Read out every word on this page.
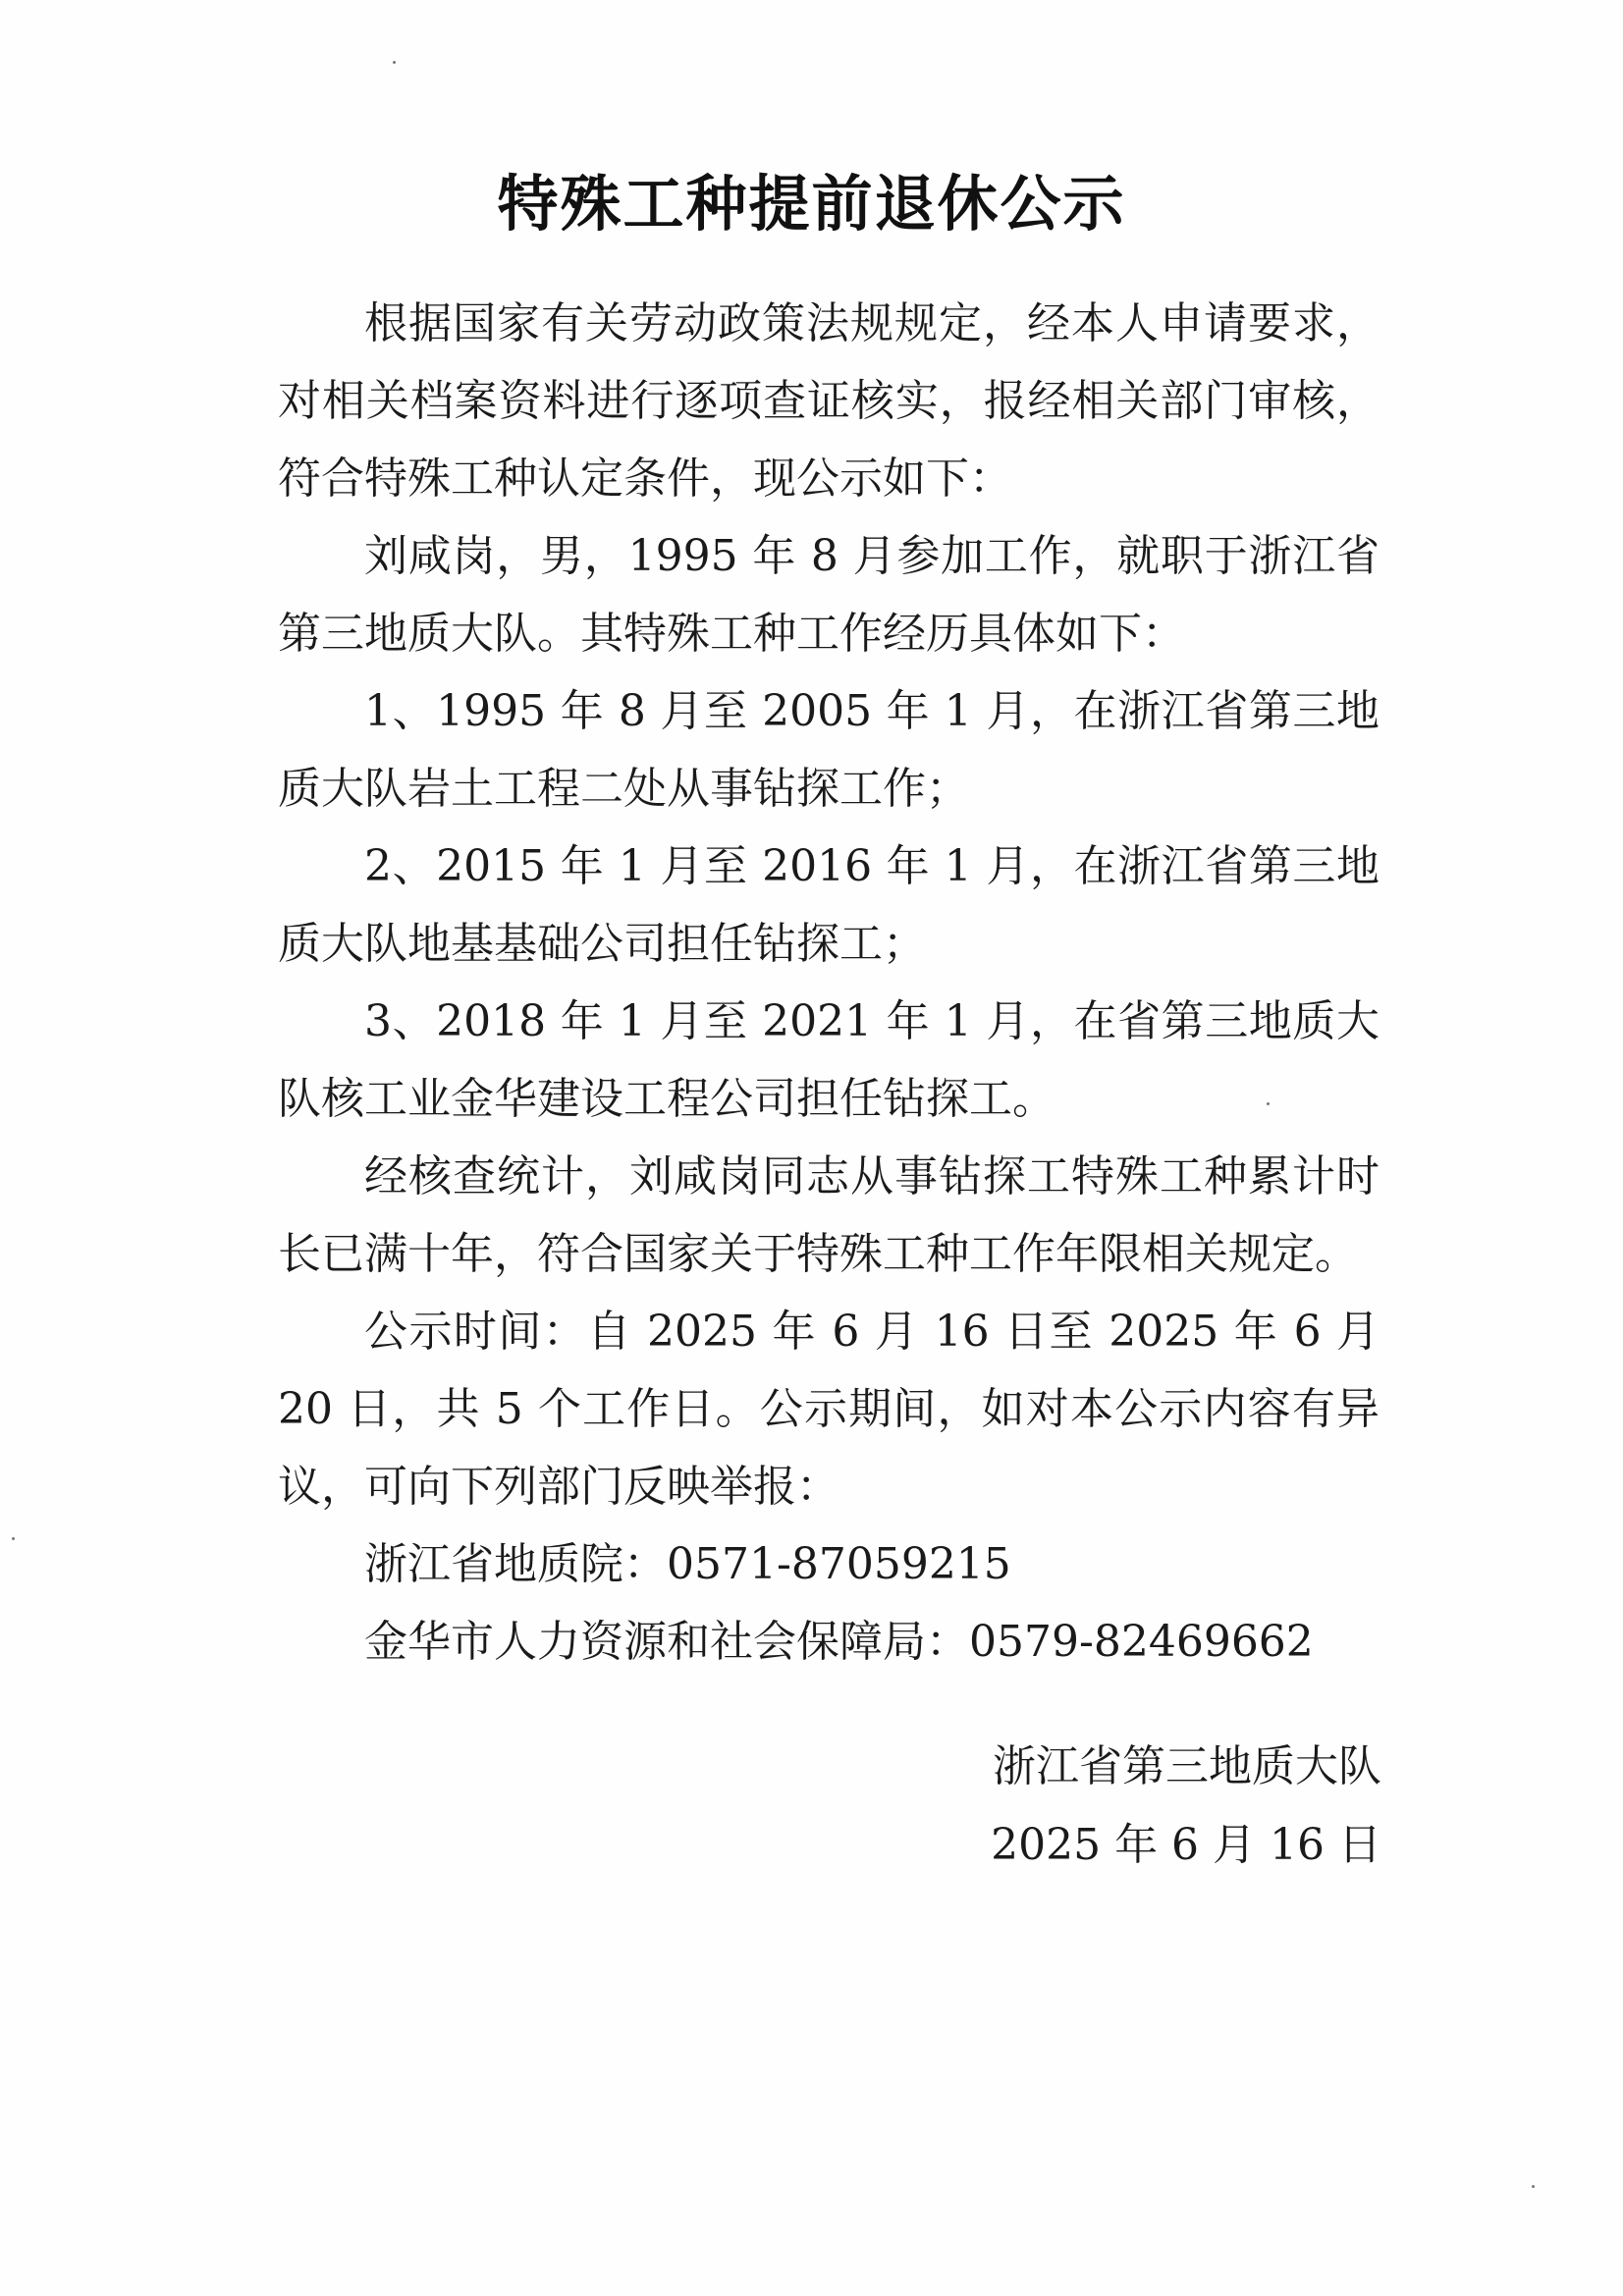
特殊工种提前退休公示

根据国家有关劳动政策法规规定，经本人申请要求，对相关档案资料进行逐项查证核实，报经相关部门审核，符合特殊工种认定条件，现公示如下：

刘咸岗，男，1995 年 8 月参加工作，就职于浙江省第三地质大队。其特殊工种工作经历具体如下：

1、1995 年 8 月至 2005 年 1 月，在浙江省第三地质大队岩土工程二处从事钻探工作；

2、2015 年 1 月至 2016 年 1 月，在浙江省第三地质大队地基基础公司担任钻探工；

3、2018 年 1 月至 2021 年 1 月，在省第三地质大队核工业金华建设工程公司担任钻探工。

经核查统计，刘咸岗同志从事钻探工特殊工种累计时长已满十年，符合国家关于特殊工种工作年限相关规定。

公示时间：自 2025 年 6 月 16 日至 2025 年 6 月 20 日，共 5 个工作日。公示期间，如对本公示内容有异议，可向下列部门反映举报：

浙江省地质院：0571-87059215

金华市人力资源和社会保障局：0579-82469662

浙江省第三地质大队
2025 年 6 月 16 日
